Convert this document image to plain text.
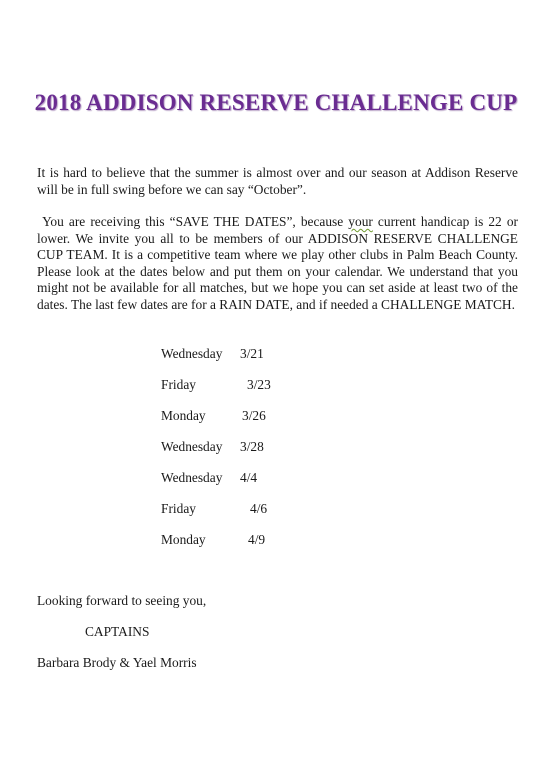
2018 ADDISON RESERVE CHALLENGE CUP

It is hard to believe that the summer is almost over and our season at Addison Reserve will be in full swing before we can say “October”.

You are receiving this “SAVE THE DATES”, because your current handicap is 22 or lower. We invite you all to be members of our ADDISON RESERVE CHALLENGE CUP TEAM. It is a competitive team where we play other clubs in Palm Beach County. Please look at the dates below and put them on your calendar. We understand that you might not be available for all matches, but we hope you can set aside at least two of the dates. The last few dates are for a RAIN DATE, and if needed a CHALLENGE MATCH.

Wednesday 3/21
Friday	3/23
Monday	3/26
Wednesday 3/28
Wednesday 4/4
Friday	4/6
Monday	4/9
Looking forward to seeing you,
CAPTAINS
Barbara Brody & Yael Morris
